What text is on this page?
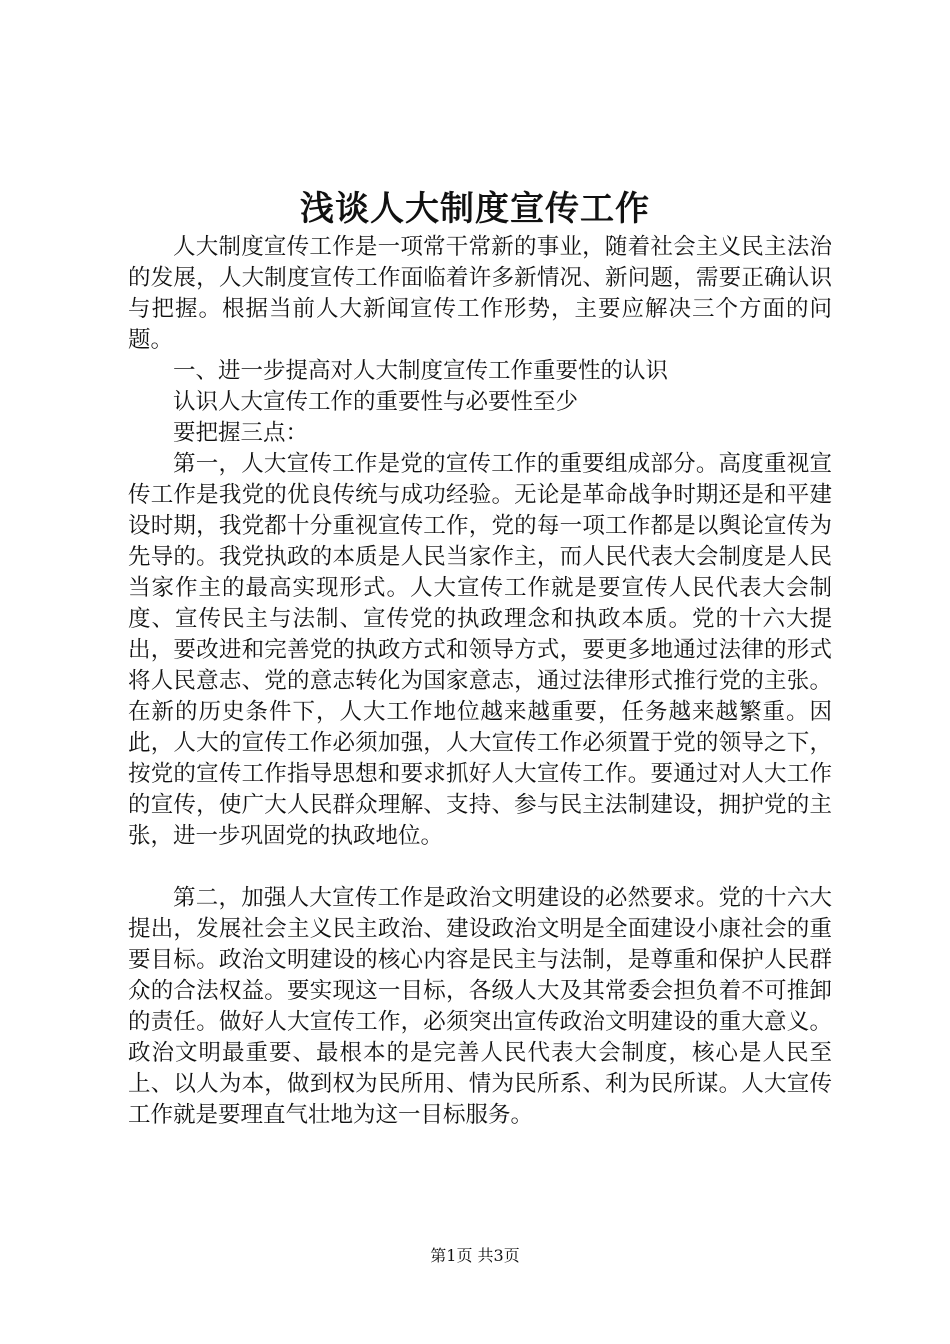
浅谈人大制度宣传工作

人大制度宣传工作是一项常干常新的事业，随着社会主义民主法治的发展，人大制度宣传工作面临着许多新情况、新问题，需要正确认识与把握。根据当前人大新闻宣传工作形势，主要应解决三个方面的问题。

一、进一步提高对人大制度宣传工作重要性的认识

认识人大宣传工作的重要性与必要性至少

要把握三点：

第一，人大宣传工作是党的宣传工作的重要组成部分。高度重视宣传工作是我党的优良传统与成功经验。无论是革命战争时期还是和平建设时期，我党都十分重视宣传工作，党的每一项工作都是以舆论宣传为先导的。我党执政的本质是人民当家作主，而人民代表大会制度是人民当家作主的最高实现形式。人大宣传工作就是要宣传人民代表大会制度、宣传民主与法制、宣传党的执政理念和执政本质。党的十六大提出，要改进和完善党的执政方式和领导方式，要更多地通过法律的形式将人民意志、党的意志转化为国家意志，通过法律形式推行党的主张。在新的历史条件下，人大工作地位越来越重要，任务越来越繁重。因此，人大的宣传工作必须加强，人大宣传工作必须置于党的领导之下，按党的宣传工作指导思想和要求抓好人大宣传工作。要通过对人大工作的宣传，使广大人民群众理解、支持、参与民主法制建设，拥护党的主张，进一步巩固党的执政地位。

第二，加强人大宣传工作是政治文明建设的必然要求。党的十六大提出，发展社会主义民主政治、建设政治文明是全面建设小康社会的重要目标。政治文明建设的核心内容是民主与法制，是尊重和保护人民群众的合法权益。要实现这一目标，各级人大及其常委会担负着不可推卸的责任。做好人大宣传工作，必须突出宣传政治文明建设的重大意义。政治文明最重要、最根本的是完善人民代表大会制度，核心是人民至上、以人为本，做到权为民所用、情为民所系、利为民所谋。人大宣传工作就是要理直气壮地为这一目标服务。

第1页 共3页
